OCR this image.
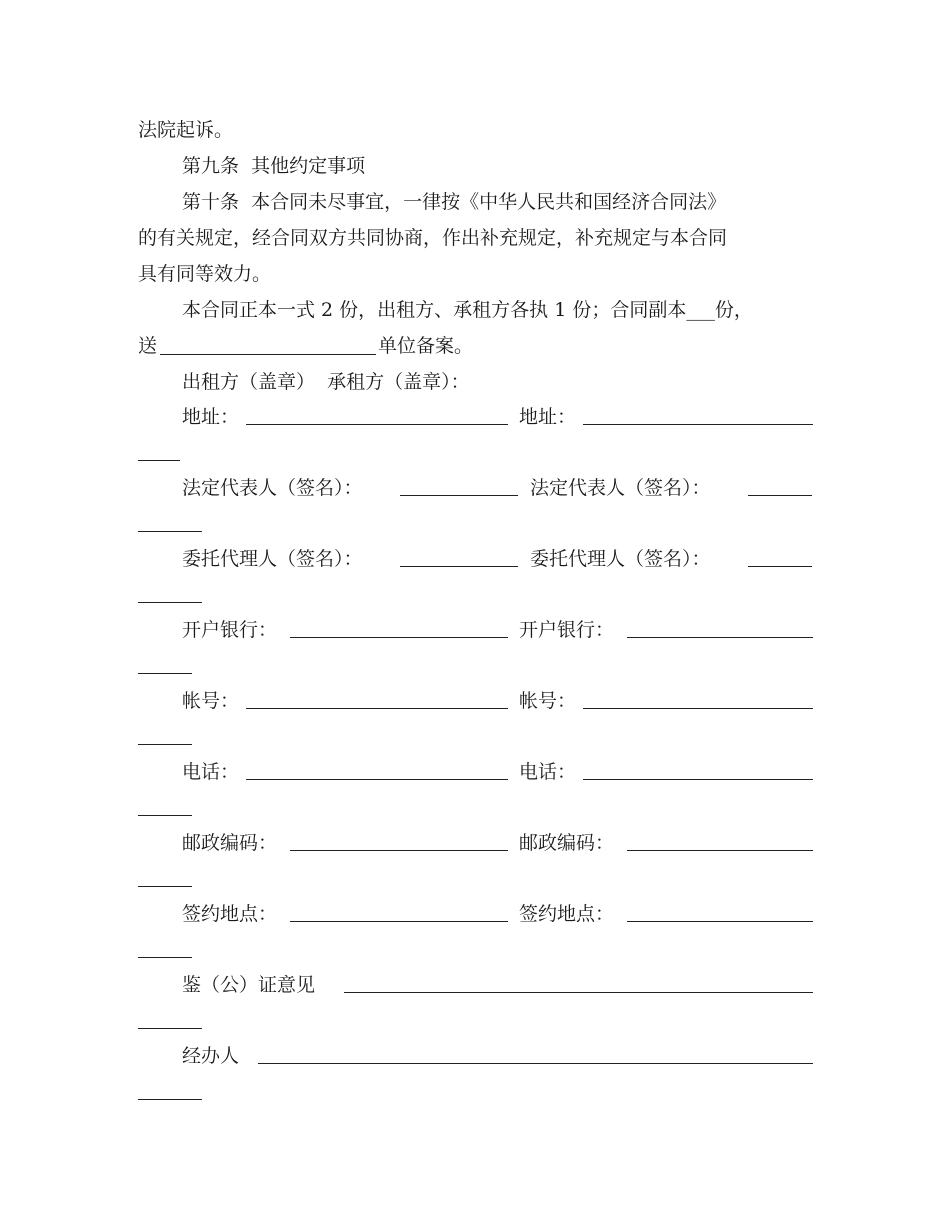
法院起诉。
第九条  其他约定事项
第十条  本合同未尽事宜，一律按《中华人民共和国经济合同法》
的有关规定，经合同双方共同协商，作出补充规定，补充规定与本合同
具有同等效力。
本合同正本一式 2 份，出租方、承租方各执 1 份；合同副本___份，
送	单位备案。
出租方（盖章）  承租方（盖章）：
地址：	地址：
法定代表人（签名）：	法定代表人（签名）：
委托代理人（签名）：	委托代理人（签名）：
开户银行：	开户银行：
帐号：	帐号：
电话：	电话：
邮政编码：	邮政编码：
签约地点：	签约地点：
鉴（公）证意见
经办人
